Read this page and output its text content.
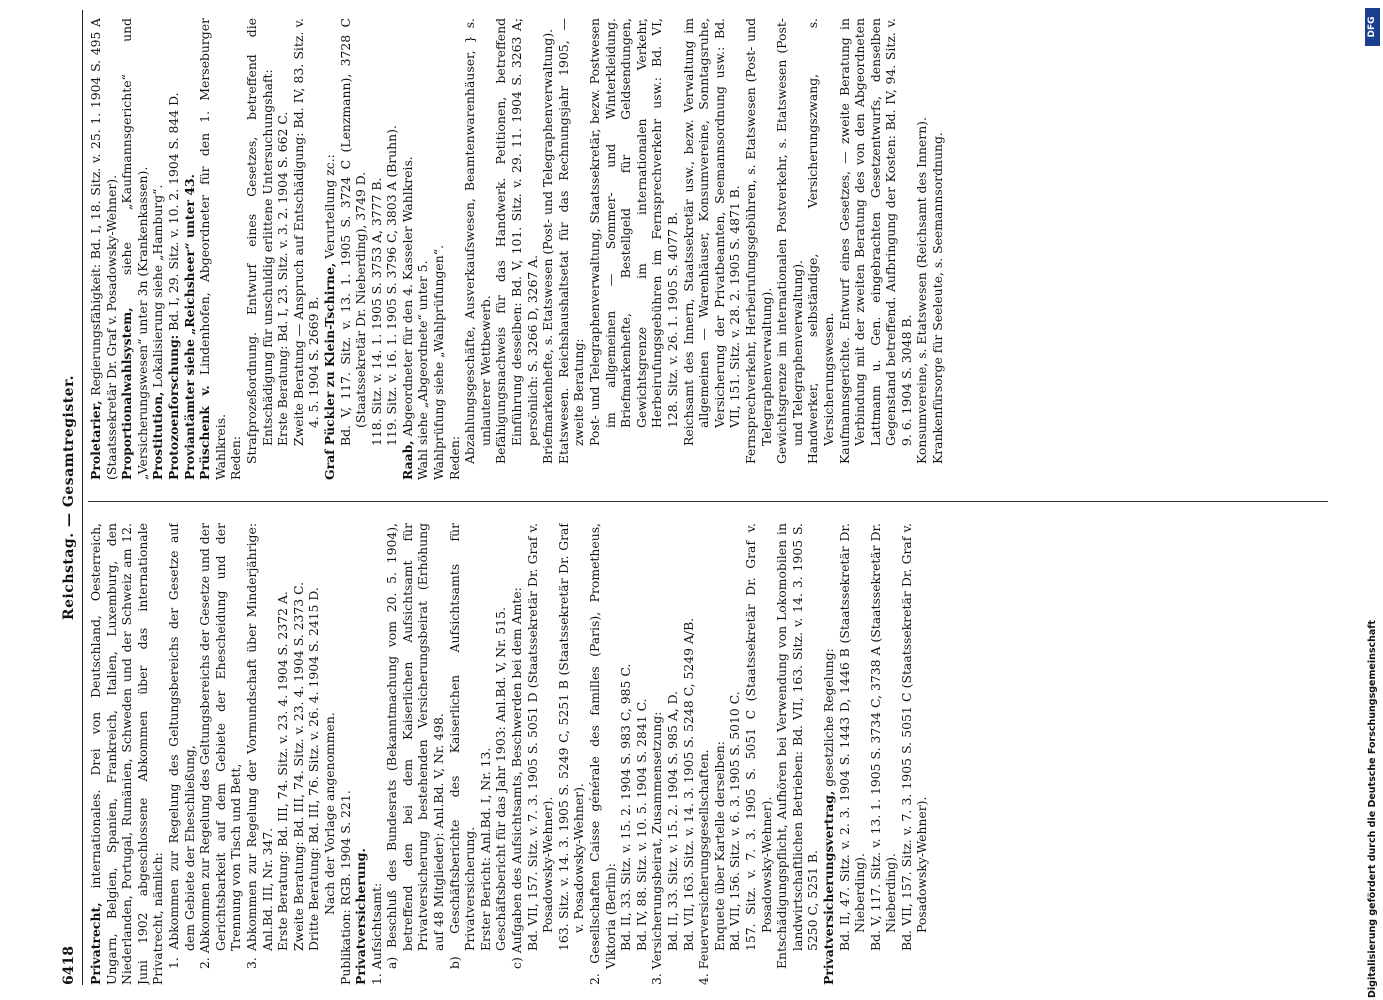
6418
Reichstag. — Gesamtregister.

Privatrecht, internationales. Drei von Deutschland, Oesterreich, Ungarn, Belgien, Spanien, Frankreich, Italien, Luxemburg, den Niederlanden, Portugal, Rumänien, Schweden und der Schweiz am 12. Juni 1902 abgeschlossene Abkommen über das internationale Privatrecht, nämlich: 1. Abkommen zur Regelung des Geltungsbereichs der Gesetze auf dem Gebiete der Eheschließung, 2. Abkommen zur Regelung des Geltungsbereichs der Gesetze und der Gerichtsbarkeit auf dem Gebiete der Ehescheidung und der Trennung von Tisch und Bett, 3. Abkommen zur Regelung der Vormundschaft über Minderjährige: Anl.Bd. III, Nr. 347. Erste Beratung: Bd. III, 74. Sitz. v. 23. 4. 1904 S. 2372 A. Zweite Beratung: Bd. III, 74. Sitz. v. 23. 4. 1904 S. 2373 C. Dritte Beratung: Bd. III, 76. Sitz. v. 26. 4. 1904 S. 2415 D. Nach der Vorlage angenommen. Publikation: RGB. 1904 S. 221. Privatversicherung. 1. Aufsichtsamt: a) Beschluß des Bundesrats (Bekanntmachung vom 20. 5. 1904), betreffend den bei dem Kaiserlichen Aufsichtsamt für Privatversicherung bestehenden Versicherungsbeirat (Erhöhung auf 48 Mitglieder): Anl.Bd. V, Nr. 498. b) Geschäftsberichte des Kaiserlichen Aufsichtsamts für Privatversicherung. Erster Bericht: Anl.Bd. I, Nr. 13. Geschäftsbericht für das Jahr 1903: Anl.Bd. V, Nr. 515. c) Aufgaben des Aufsichtsamts, Beschwerden bei dem Amte: Bd. VII, 157. Sitz. v. 7. 3. 1905 S. 5051 D (Staatssekretär Dr. Graf v. Posadowsky-Wehner). 163. Sitz. v. 14. 3. 1905 S. 5249 C, 5251 B (Staatssekretär Dr. Graf v. Posadowsky-Wehner). 2. Gesellschaften Caisse générale des familles (Paris), Prometheus, Viktoria (Berlin): Bd. II, 33. Sitz. v. 15. 2. 1904 S. 983 C, 985 C. Bd. IV, 88. Sitz. v. 10. 5. 1904 S. 2841 C. 3. Versicherungsbeirat, Zusammensetzung: Bd. II, 33. Sitz. v. 15. 2. 1904 S. 985 A, D. Bd. VII, 163. Sitz. v. 14. 3. 1905 S. 5248 C, 5249 A/B. 4. Feuerversicherungsgesellschaften. Enquete über Kartelle derselben: Bd. VII, 156. Sitz. v. 6. 3. 1905 S. 5010 C. 157. Sitz. v. 7. 3. 1905 S. 5051 C (Staatssekretär Dr. Graf v. Posadowsky-Wehner). Entschädigungspflicht, Aufhören bei Verwendung von Lokomobilen in landwirtschaftlichen Betrieben: Bd. VII, 163. Sitz. v. 14. 3. 1905 S. 5250 C, 5251 B. Privatversicherungsvertrag, gesetzliche Regelung: Bd. II, 47. Sitz. v. 2. 3. 1904 S. 1443 D, 1446 B (Staatssekretär Dr. Nieberding). Bd. V, 117. Sitz. v. 13. 1. 1905 S. 3734 C, 3738 A (Staatssekretär Dr. Nieberding). Bd. VII, 157. Sitz. v. 7. 3. 1905 S. 5051 C (Staatssekretär Dr. Graf v. Posadowsky-Wehner).

Proletarier, Regierungsfähigkeit: Bd. I, 18. Sitz. v. 25. 1. 1904 S. 495 A (Staatssekretär Dr. Graf v. Posadowsky-Wehner). Proportionalwahlsystem, siehe „Kaufmannsgerichte“ und „Versicherungswesen“ unter 3n (Krankenkassen). Prostitution, Lokalisierung siehe „Hamburg“.

Protozoenforschung: Bd. I, 29. Sitz. v. 10. 2. 1904 S. 844 D. Proviantämter siehe „Reichsheer“ unter 43. Prüschenk v. Lindenhofen, Abgeordneter für den 1. Merseburger Wahlkreis. Reden: Strafprozeßordnung. Entwurf eines Gesetzes, betreffend die Entschädigung für unschuldig erlittene Untersuchungshaft: Erste Beratung: Bd. I, 23. Sitz. v. 3. 2. 1904 S. 662 C. Zweite Beratung — Anspruch auf Entschädigung: Bd. IV, 83. Sitz. v. 4. 5. 1904 S. 2669 B. Graf Pückler zu Klein-Tschirne, Verurteilung zc.: Bd. V, 117. Sitz. v. 13. 1. 1905 S. 3724 C (Lenzmann), 3728 C (Staatssekretär Dr. Nieberding), 3749 D. 118. Sitz. v. 14. 1. 1905 S. 3753 A, 3777 B. 119. Sitz. v. 16. 1. 1905 S. 3796 C, 3803 A (Bruhn).

Raab, Abgeordneter für den 4. Kasseler Wahlkreis. Wahl siehe „Abgeordnete“ unter 5. Wahlprüfung siehe „Wahlprüfungen“. Reden: Abzahlungsgeschäfte, Ausverkaufswesen, Beamtenwarenhäuser, } s. unlauterer Wettbewerb. Befähigungsnachweis für das Handwerk. Petitionen, betreffend Einführung desselben: Bd. V, 101. Sitz. v. 29. 11. 1904 S. 3263 A; persönlich: S. 3266 D, 3267 A. Briefmarkenhefte, s. Etatswesen (Post- und Telegraphenverwaltung). Etatswesen. Reichshaushaltsetat für das Rechnungsjahr 1905, — zweite Beratung: Post- und Telegraphenverwaltung, Staatssekretär, bezw. Postwesen im allgemeinen — Sommer- und Winterkleidung. Briefmarkenhefte, Bestellgeld für Geldsendungen, Gewichtsgrenze im internationalen Verkehr, Herbeirufungsgebühren im Fernsprechverkehr usw.: Bd. VI, 128. Sitz. v. 26. 1. 1905 S. 4077 B. Reichsamt des Innern, Staatssekretär usw., bezw. Verwaltung im allgemeinen — Warenhäuser, Konsumvereine, Sonntagsruhe, Versicherung der Privatbeamten, Seemannsordnung usw.: Bd. VII, 151. Sitz. v. 28. 2. 1905 S. 4871 B. Fernsprechverkehr, Herbeirufungsgebühren, s. Etatswesen (Post- und Telegraphenverwaltung). Gewichtsgrenze im internationalen Postverkehr, s. Etatswesen (Post- und Telegraphenverwaltung). Handwerker, selbständige, Versicherungszwang, s. Versicherungswesen. Kaufmannsgerichte. Entwurf eines Gesetzes, — zweite Beratung in Verbindung mit der zweiten Beratung des von den Abgeordneten Lattmann u. Gen. eingebrachten Gesetzentwurfs, denselben Gegenstand betreffend. Aufbringung der Kosten: Bd. IV, 94. Sitz. v. 9. 6. 1904 S. 3048 B. Konsumvereine, s. Etatswesen (Reichsamt des Innern). Krankenfürsorge für Seeleute, s. Seemannsordnung.

DFG
Digitalisierung gefördert durch die Deutsche Forschungsgemeinschaft
